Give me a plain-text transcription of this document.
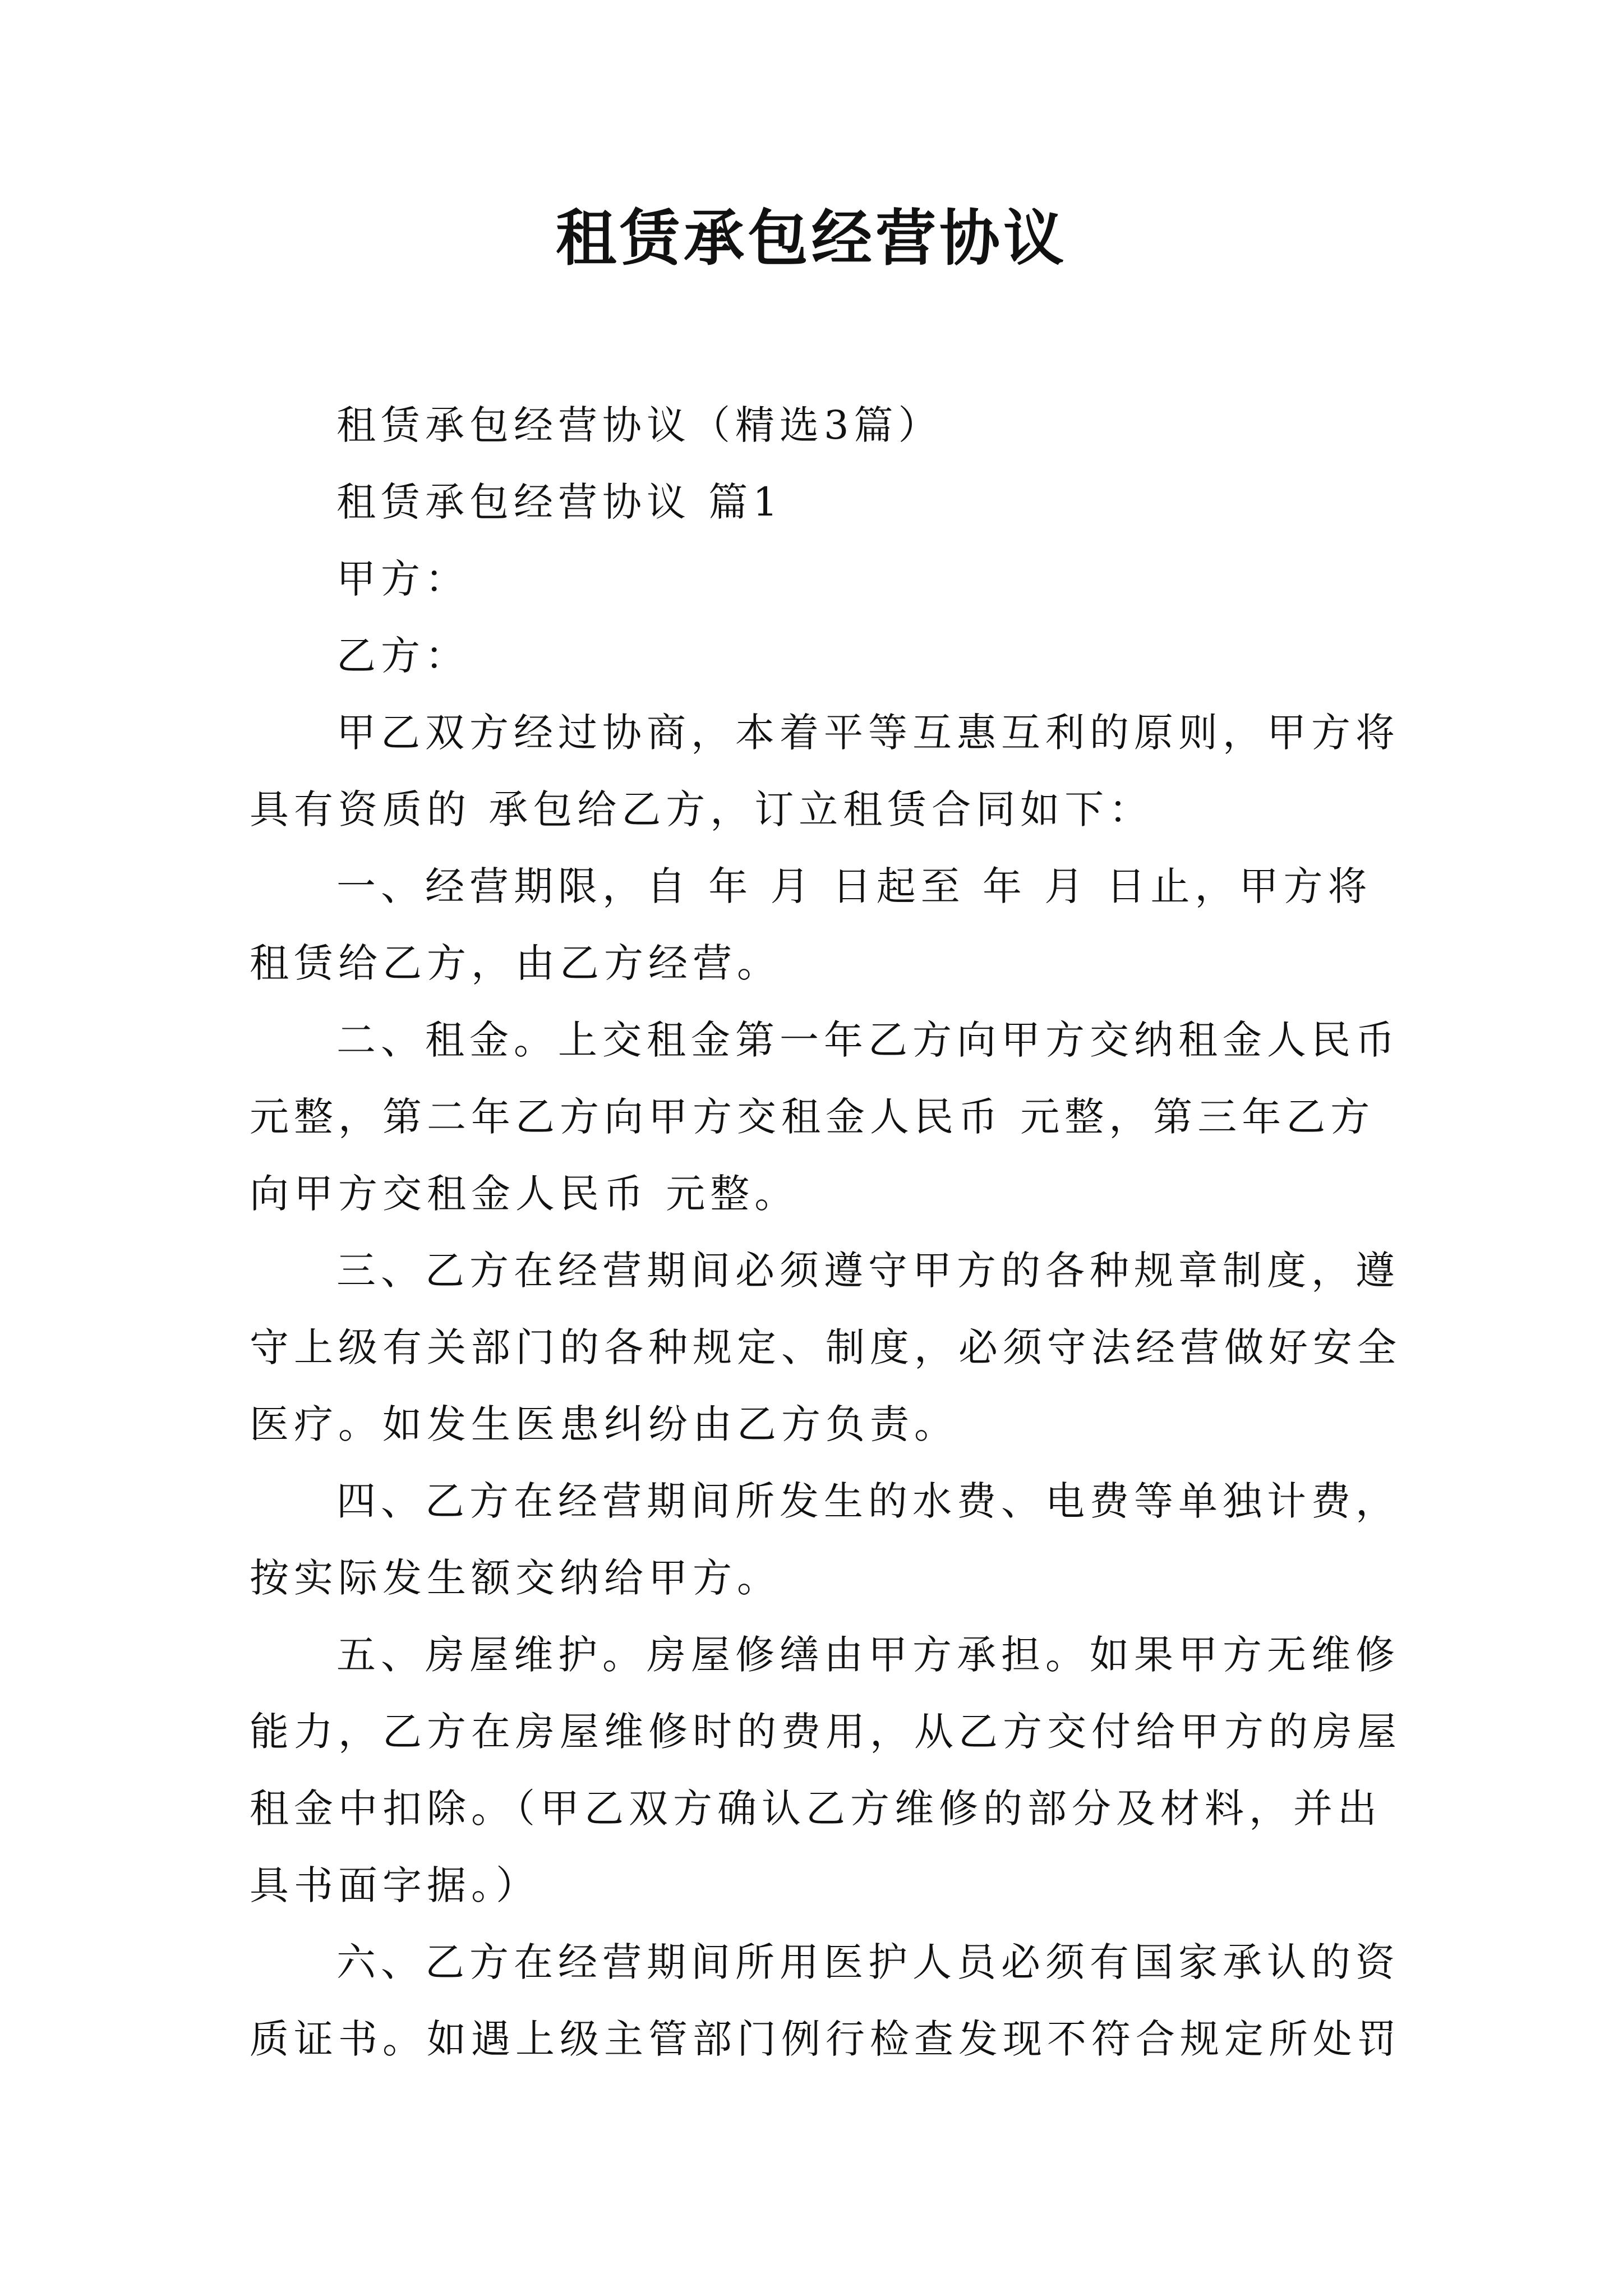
租赁承包经营协议
租赁承包经营协议（精选3篇）
租赁承包经营协议 篇1
甲方：
乙方：
甲乙双方经过协商，本着平等互惠互利的原则，甲方将
具有资质的 承包给乙方，订立租赁合同如下：
一、经营期限，自 年 月 日起至 年 月 日止，甲方将
租赁给乙方，由乙方经营。
二、租金。上交租金第一年乙方向甲方交纳租金人民币
元整，第二年乙方向甲方交租金人民币 元整，第三年乙方
向甲方交租金人民币 元整。
三、乙方在经营期间必须遵守甲方的各种规章制度，遵
守上级有关部门的各种规定、制度，必须守法经营做好安全
医疗。如发生医患纠纷由乙方负责。
四、乙方在经营期间所发生的水费、电费等单独计费，
按实际发生额交纳给甲方。
五、房屋维护。房屋修缮由甲方承担。如果甲方无维修
能力，乙方在房屋维修时的费用，从乙方交付给甲方的房屋
租金中扣除。（甲乙双方确认乙方维修的部分及材料，并出
具书面字据。）
六、乙方在经营期间所用医护人员必须有国家承认的资
质证书。如遇上级主管部门例行检查发现不符合规定所处罚
